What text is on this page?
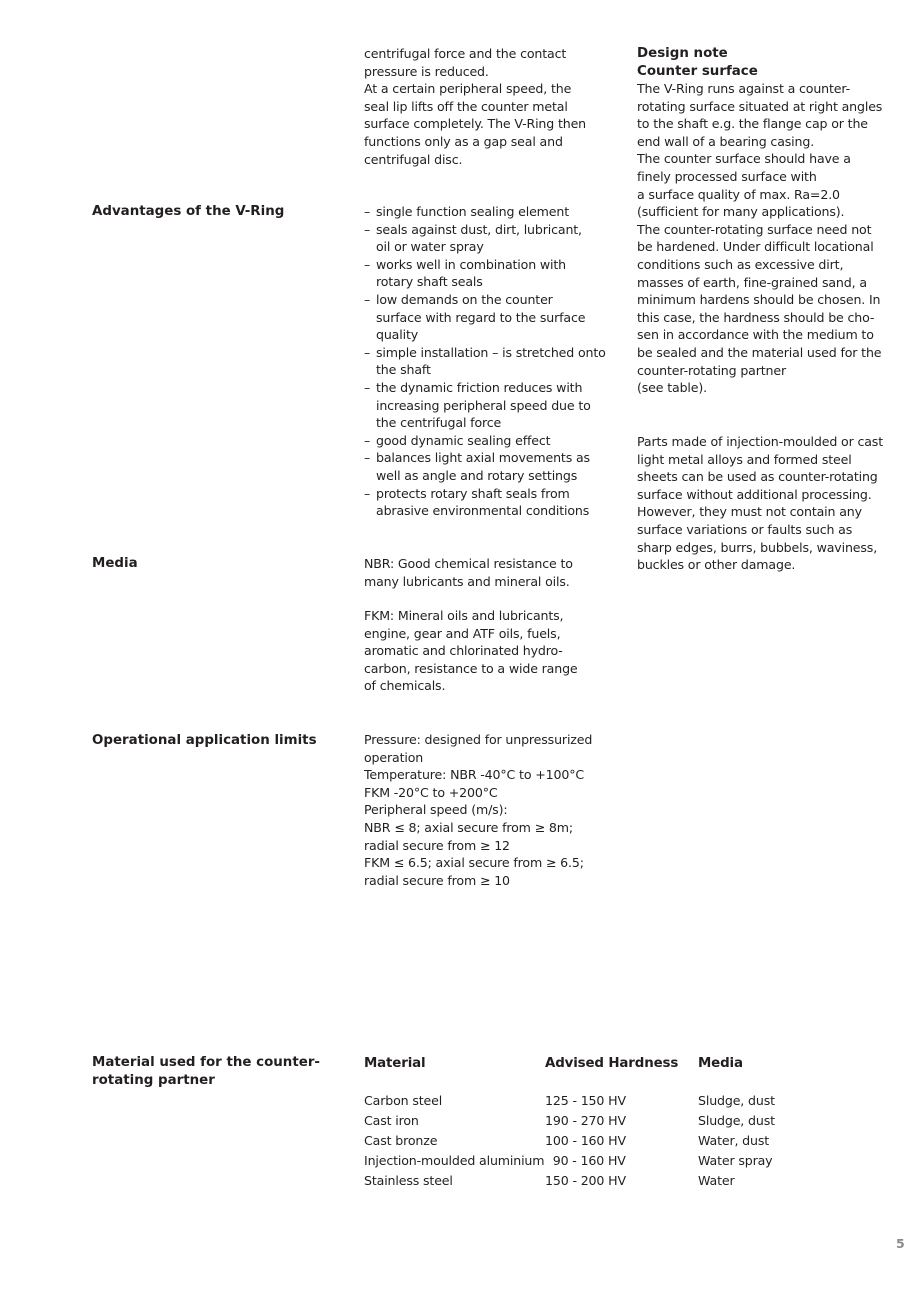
centrifugal force and the contact
pressure is reduced.
At a certain peripheral speed, the
seal lip lifts off the counter metal
surface completely. The V-Ring then
functions only as a gap seal and
centrifugal disc.
Advantages of the V-Ring	– single function sealing element
– seals against dust, dirt, lubricant,
oil or water spray
– works well in combination with
rotary shaft seals
– low demands on the counter
surface with regard to the surface
quality
– simple installation – is stretched onto
the shaft
– the dynamic friction reduces with
increasing peripheral speed due to
the centrifugal force
– good dynamic sealing effect
– balances light axial movements as
well as angle and rotary settings
– protects rotary shaft seals from
abrasive environmental conditions
Media	NBR: Good chemical resistance to
many lubricants and mineral oils.
FKM: Mineral oils and lubricants,
engine, gear and ATF oils, fuels,
aromatic and chlorinated hydro-
carbon, resistance to a wide range
of chemicals.
Operational application limits	Pressure: designed for unpressurized
operation
Temperature: NBR -40°C to +100°C
FKM -20°C to +200°C
Peripheral speed (m/s):
NBR ≤ 8; axial secure from ≥ 8m;
radial secure from ≥ 12
FKM ≤ 6.5; axial secure from ≥ 6.5;
radial secure from ≥ 10
Design note
Counter surface
The V-Ring runs against a counter-
rotating surface situated at right angles
to the shaft e.g. the flange cap or the
end wall of a bearing casing.
The counter surface should have a
finely processed surface with
a surface quality of max. Ra=2.0
(sufficient for many applications).
The counter-rotating surface need not
be hardened. Under difficult locational
conditions such as excessive dirt,
masses of earth, fine-grained sand, a
minimum hardens should be chosen. In
this case, the hardness should be cho-
sen in accordance with the medium to
be sealed and the material used for the
counter-rotating partner
(see table).
Parts made of injection-moulded or cast
light metal alloys and formed steel
sheets can be used as counter-rotating
surface without additional processing.
However, they must not contain any
surface variations or faults such as
sharp edges, burrs, bubbels, waviness,
buckles or other damage.
Material used for the counter-
rotating partner
Material	Advised Hardness	Media
Carbon steel	125 - 150 HV	Sludge, dust
Cast iron	190 - 270 HV	Sludge, dust
Cast bronze	100 - 160 HV	Water, dust
Injection-moulded aluminium	90 - 160 HV	Water spray
Stainless steel	150 - 200 HV	Water
5
